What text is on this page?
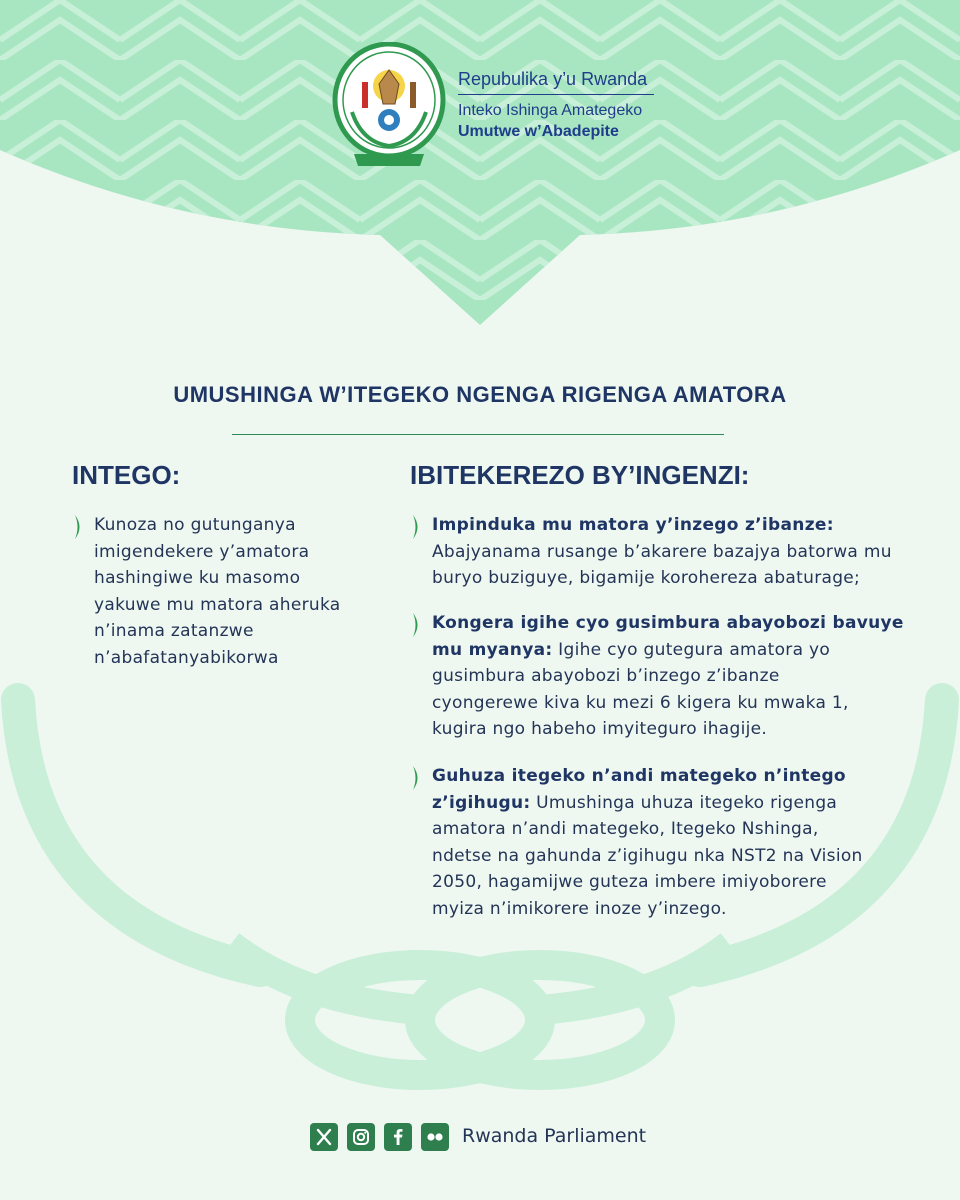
Repubulika y’u Rwanda
Inteko Ishinga Amategeko
Umutwe w’Abadepite
UMUSHINGA W’ITEGEKO NGENGA RIGENGA AMATORA
INTEGO:	IBITEKEREZO BY’INGENZI:
Kunoza no gutunganya
imigendekere y’amatora
hashingiwe ku masomo
yakuwe mu matora aheruka
n’inama zatanzwe
n’abafatanyabikorwa
Impinduka mu matora y’inzego z’ibanze:
Abajyanama rusange b’akarere bazajya batorwa mu
buryo buziguye, bigamije korohereza abaturage;
Kongera igihe cyo gusimbura abayobozi bavuye
mu myanya: Igihe cyo gutegura amatora yo
gusimbura abayobozi b’inzego z’ibanze
cyongerewe kiva ku mezi 6 kigera ku mwaka 1,
kugira ngo habeho imyiteguro ihagije.
Guhuza itegeko n’andi mategeko n’intego
z’igihugu: Umushinga uhuza itegeko rigenga
amatora n’andi mategeko, Itegeko Nshinga,
ndetse na gahunda z’igihugu nka NST2 na Vision
2050, hagamijwe guteza imbere imiyoborere
myiza n’imikorere inoze y’inzego.
Rwanda Parliament
